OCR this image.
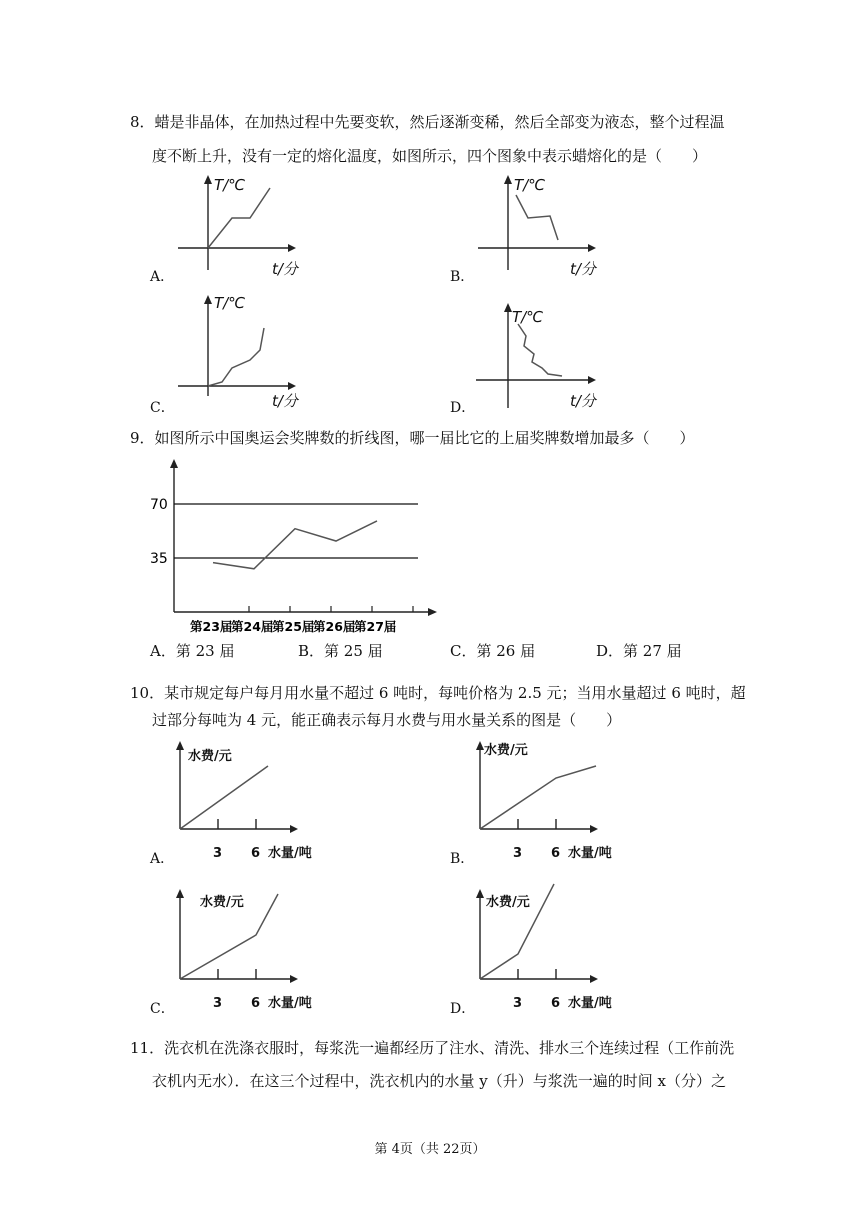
8．蜡是非晶体，在加热过程中先要变软，然后逐渐变稀，然后全部变为液态，整个过程温
度不断上升，没有一定的熔化温度，如图所示，四个图象中表示蜡熔化的是（　　）
T/℃
t/分
A．
T/℃
t/分
B．
T/℃
t/分
C．
T/℃
t/分
D．
9．如图所示中国奥运会奖牌数的折线图，哪一届比它的上届奖牌数增加最多（　　）
35
70
第23届
第24届
第25届
第26届
第27届
A．第 23 届	B．第 25 届	C．第 26 届	D．第 27 届
10．某市规定每户每月用水量不超过 6 吨时，每吨价格为 2.5 元；当用水量超过 6 吨时，超
过部分每吨为 4 元，能正确表示每月水费与用水量关系的图是（　　）
水费/元
3 6 水量/吨
A．
水费/元
3 6 水量/吨
B．
水费/元
3 6 水量/吨
C．
水费/元
3 6 水量/吨
D．
11．洗衣机在洗涤衣服时，每浆洗一遍都经历了注水、清洗、排水三个连续过程（工作前洗
衣机内无水）．在这三个过程中，洗衣机内的水量 y（升）与浆洗一遍的时间 x（分）之
第 4页（共 22页）
